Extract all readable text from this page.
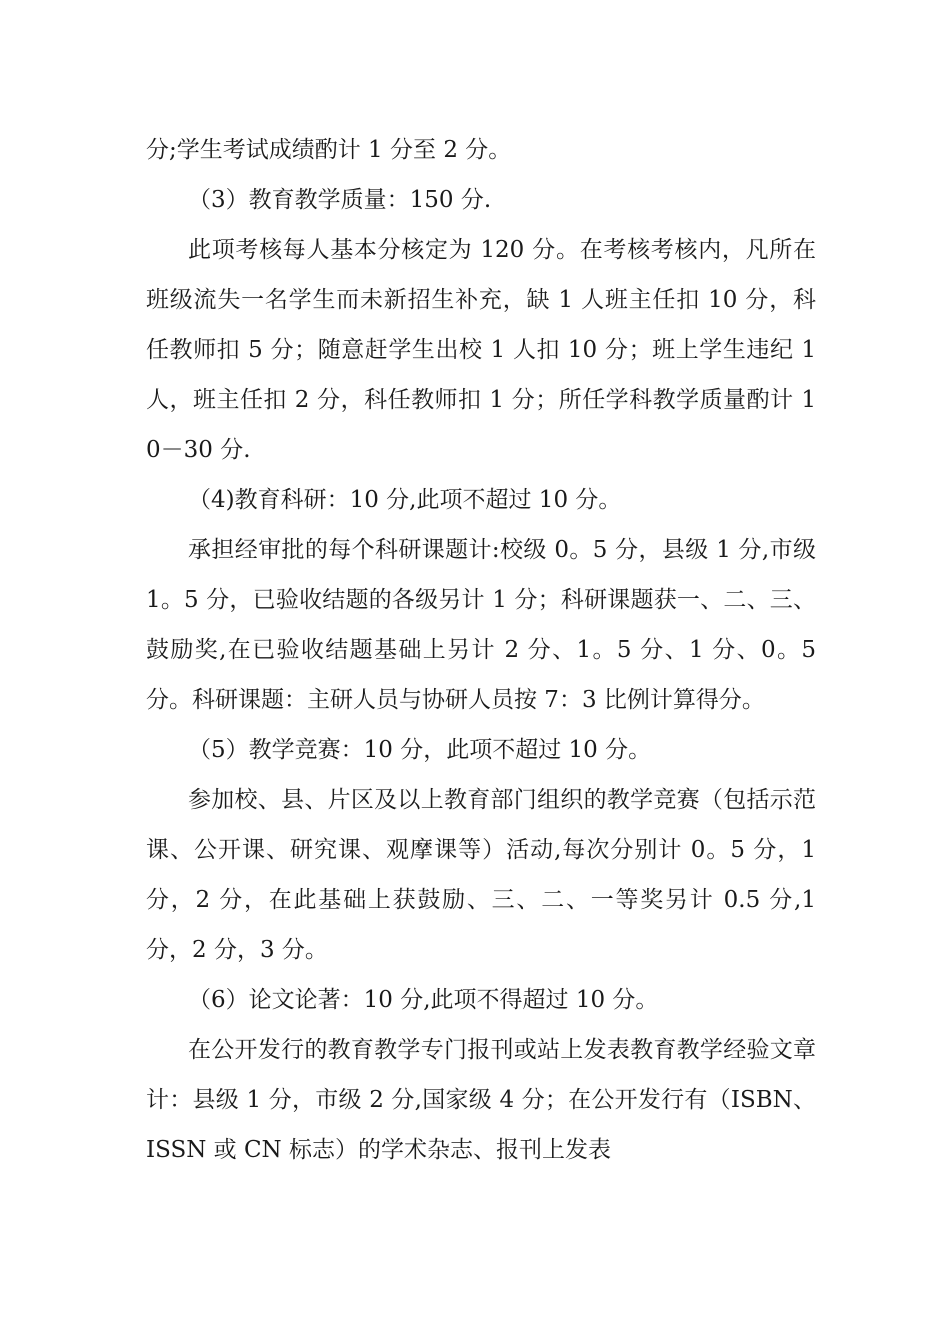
分;学生考试成绩酌计 1 分至 2 分。

（3）教育教学质量：150 分.

此项考核每人基本分核定为 120 分。在考核考核内，凡所在班级流失一名学生而未新招生补充，缺 1 人班主任扣 10 分，科任教师扣 5 分；随意赶学生出校 1 人扣 10 分；班上学生违纪 1 人，班主任扣 2 分，科任教师扣 1 分；所任学科教学质量酌计 10－30 分.

（4)教育科研：10 分,此项不超过 10 分。

承担经审批的每个科研课题计:校级 0。5 分，县级 1 分,市级 1。5 分，已验收结题的各级另计 1 分；科研课题获一、二、三、鼓励奖,在已验收结题基础上另计 2 分、1。5 分、1 分、0。5 分。科研课题：主研人员与协研人员按 7：3 比例计算得分。

（5）教学竞赛：10 分，此项不超过 10 分。

参加校、县、片区及以上教育部门组织的教学竞赛（包括示范课、公开课、研究课、观摩课等）活动,每次分别计 0。5 分，1 分，2 分，在此基础上获鼓励、三、二、一等奖另计 0.5 分,1 分，2 分，3 分。

（6）论文论著：10 分,此项不得超过 10 分。

在公开发行的教育教学专门报刊或站上发表教育教学经验文章计：县级 1 分，市级 2 分,国家级 4 分；在公开发行有（ISBN、ISSN 或 CN 标志）的学术杂志、报刊上发表
